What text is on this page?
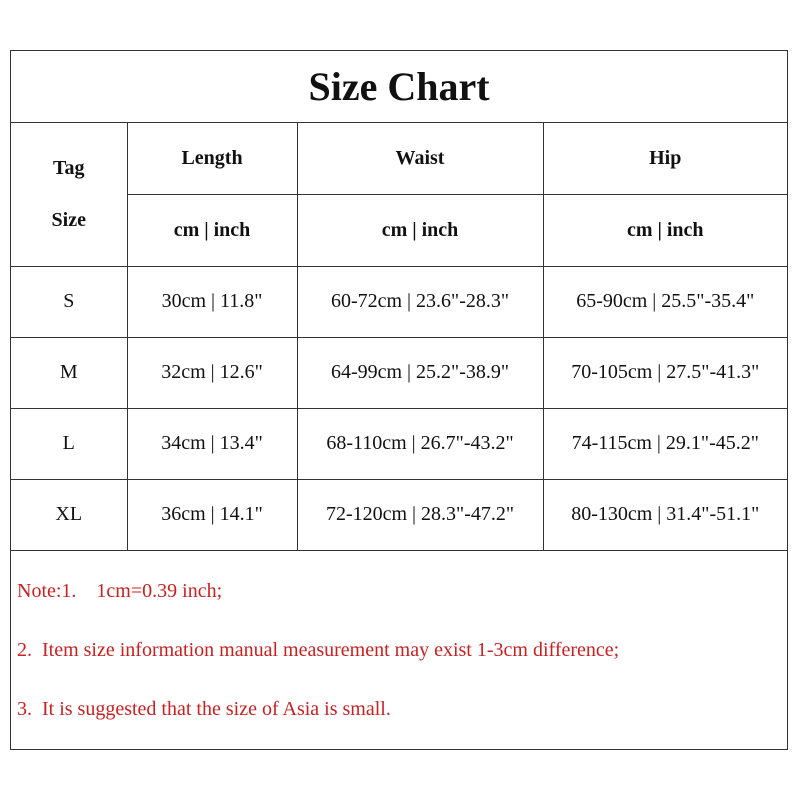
Size Chart
Tag
Size	Length	Waist	Hip
	cm | inch	cm | inch	cm | inch
S	30cm | 11.8"	60-72cm | 23.6"-28.3"	65-90cm | 25.5"-35.4"
M	32cm | 12.6"	64-99cm | 25.2"-38.9"	70-105cm | 27.5"-41.3"
L	34cm | 13.4"	68-110cm | 26.7"-43.2"	74-115cm | 29.1"-45.2"
XL	36cm | 14.1"	72-120cm | 28.3"-47.2"	80-130cm | 31.4"-51.1"
Note:1.    1cm=0.39 inch;
2.  Item size information manual measurement may exist 1-3cm difference;
3.  It is suggested that the size of Asia is small.
